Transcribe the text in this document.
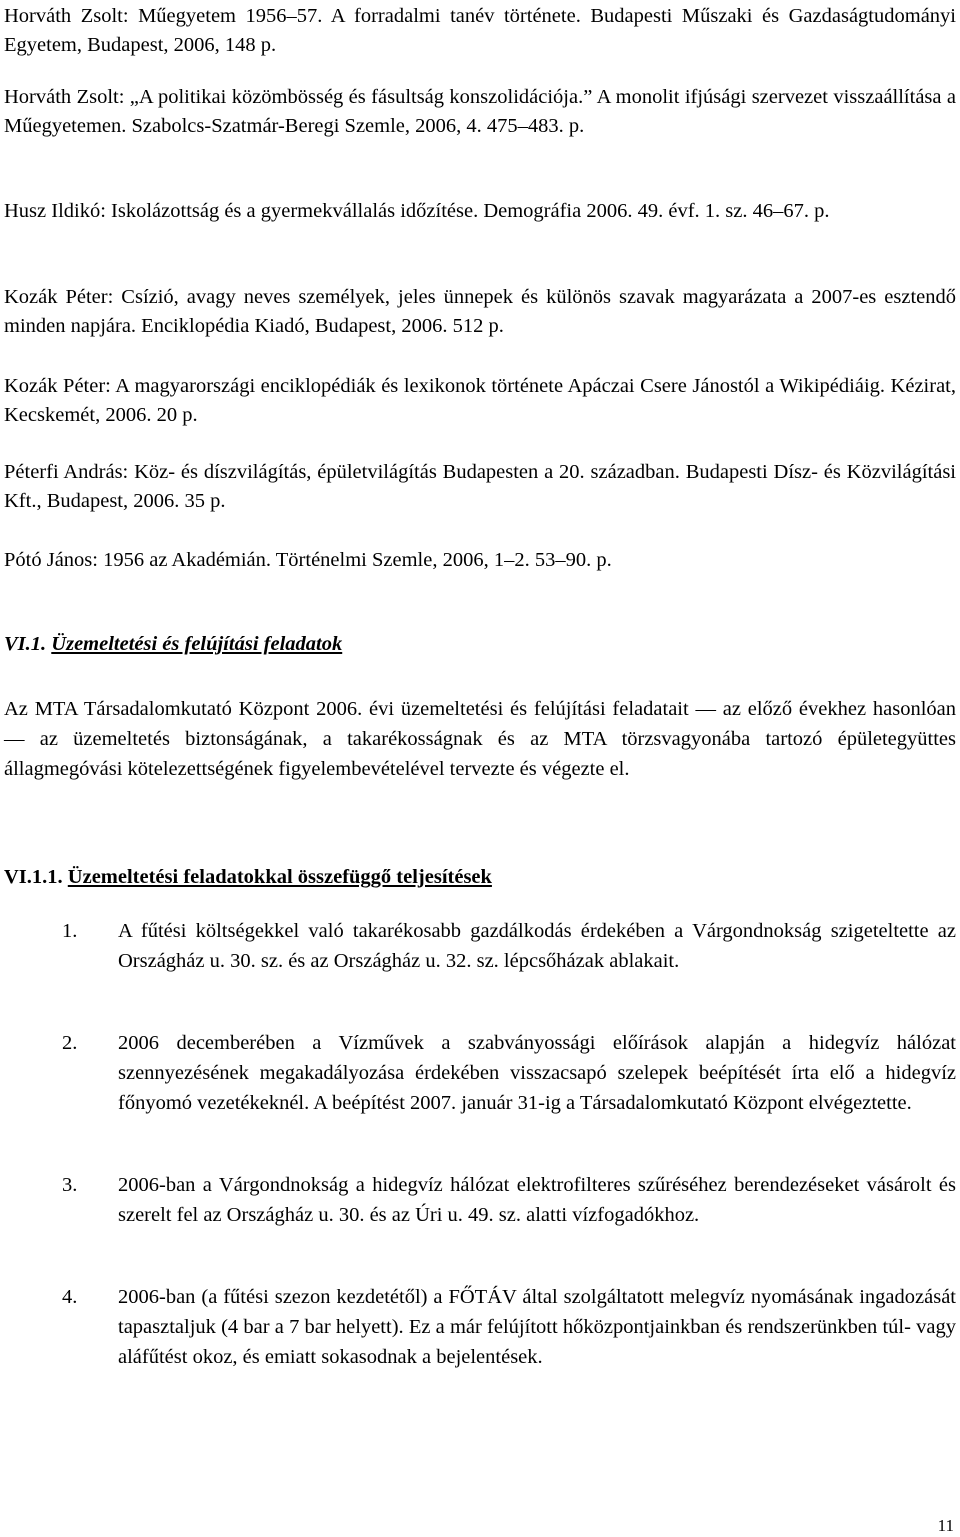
Horváth Zsolt: Műegyetem 1956–57. A forradalmi tanév története. Budapesti Műszaki és Gazdaságtudományi Egyetem, Budapest, 2006, 148 p.

Horváth Zsolt: „A politikai közömbösség és fásultság konszolidációja.” A monolit ifjúsági szervezet visszaállítása a Műegyetemen. Szabolcs-Szatmár-Beregi Szemle, 2006, 4. 475–483. p.

Husz Ildikó: Iskolázottság és a gyermekvállalás időzítése. Demográfia 2006. 49. évf. 1. sz. 46–67. p.

Kozák Péter: Csízió, avagy neves személyek, jeles ünnepek és különös szavak magyarázata a 2007-es esztendő minden napjára. Enciklopédia Kiadó, Budapest, 2006. 512 p.

Kozák Péter: A magyarországi enciklopédiák és lexikonok története Apáczai Csere Jánostól a Wikipédiáig. Kézirat, Kecskemét, 2006. 20 p.

Péterfi András: Köz- és díszvilágítás, épületvilágítás Budapesten a 20. században. Budapesti Dísz- és Közvilágítási Kft., Budapest, 2006. 35 p.

Pótó János: 1956 az Akadémián. Történelmi Szemle, 2006, 1–2. 53–90. p.

VI.1. Üzemeltetési és felújítási feladatok

Az MTA Társadalomkutató Központ 2006. évi üzemeltetési és felújítási feladatait — az előző évekhez hasonlóan — az üzemeltetés biztonságának, a takarékosságnak és az MTA törzsvagyonába tartozó épületegyüttes állagmegóvási kötelezettségének figyelembevételével tervezte és végezte el.

VI.1.1. Üzemeltetési feladatokkal összefüggő teljesítések
1. A fűtési költségekkel való takarékosabb gazdálkodás érdekében a Várgondnokság szigeteltette az Országház u. 30. sz. és az Országház u. 32. sz. lépcsőházak ablakait.

2. 2006 decemberében a Vízművek a szabványossági előírások alapján a hidegvíz hálózat szennyezésének megakadályozása érdekében visszacsapó szelepek beépítését írta elő a hidegvíz főnyomó vezetékeknél. A beépítést 2007. január 31-ig a Társadalomkutató Központ elvégeztette.

3. 2006-ban a Várgondnokság a hidegvíz hálózat elektrofilteres szűréséhez berendezéseket vásárolt és szerelt fel az Országház u. 30. és az Úri u. 49. sz. alatti vízfogadókhoz.

4. 2006-ban (a fűtési szezon kezdetétől) a FŐTÁV által szolgáltatott melegvíz nyomásának ingadozását tapasztaljuk (4 bar a 7 bar helyett). Ez a már felújított hőközpontjainkban és rendszerünkben túl- vagy aláfűtést okoz, és emiatt sokasodnak a bejelentések.

11
